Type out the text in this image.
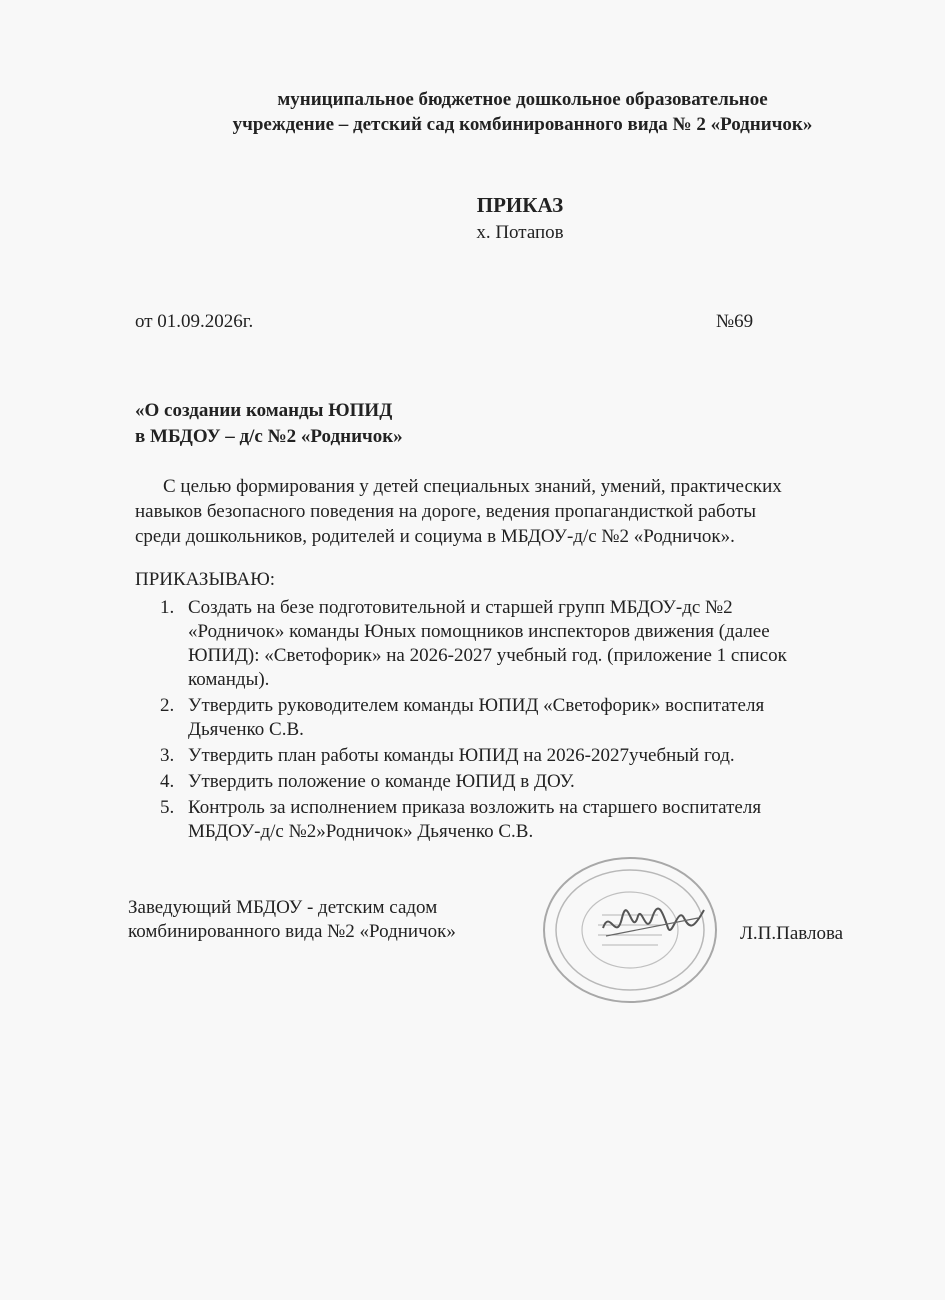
муниципальное бюджетное дошкольное образовательное
учреждение – детский сад комбинированного вида № 2 «Родничок»
ПРИКАЗ
х. Потапов
от 01.09.2026г.	№69
«О создании команды ЮПИД
в МБДОУ – д/с №2 «Родничок»
С целью формирования у детей специальных знаний, умений, практических
навыков безопасного поведения на дороге, ведения пропагандисткой работы
среди дошкольников, родителей и социума в МБДОУ-д/с №2 «Родничок».
ПРИКАЗЫВАЮ:
1. Создать на безе подготовительной и старшей групп МБДОУ-дс №2
«Родничок» команды Юных помощников инспекторов движения (далее
ЮПИД): «Светофорик» на 2026-2027 учебный год. (приложение 1 список
команды).
2. Утвердить руководителем команды ЮПИД «Светофорик» воспитателя
Дьяченко С.В.
3. Утвердить план работы команды ЮПИД на 2026-2027учебный год.
4. Утвердить положение о команде ЮПИД в ДОУ.
5. Контроль за исполнением приказа возложить на старшего воспитателя
МБДОУ-д/с №2»Родничок» Дьяченко С.В.
Заведующий МБДОУ - детским садом
комбинированного вида №2 «Родничок»	Л.П.Павлова
